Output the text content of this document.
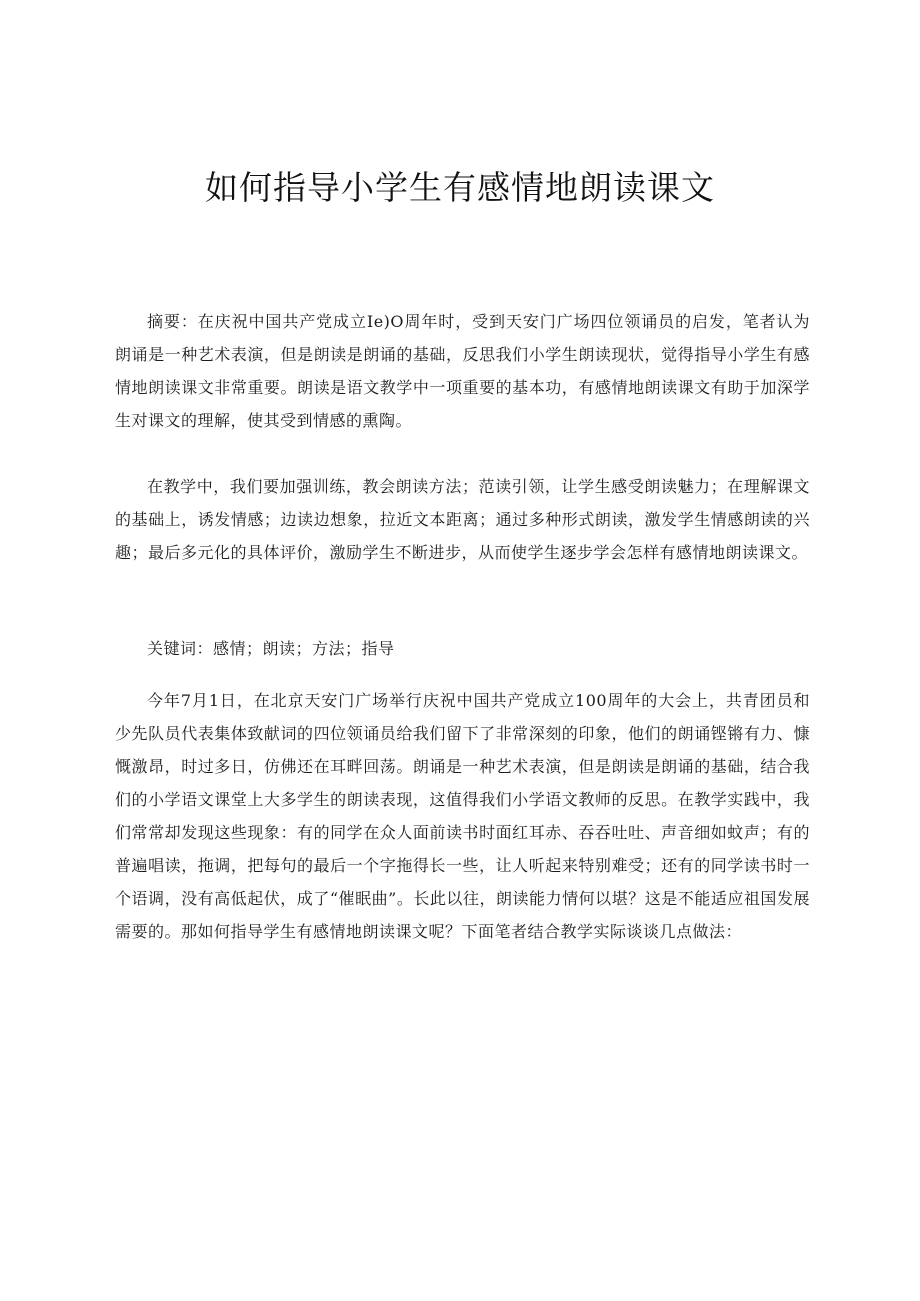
如何指导小学生有感情地朗读课文

摘要：在庆祝中国共产党成立Ie)O周年时，受到天安门广场四位领诵员的启发，笔者认为朗诵是一种艺术表演，但是朗读是朗诵的基础，反思我们小学生朗读现状，觉得指导小学生有感情地朗读课文非常重要。朗读是语文教学中一项重要的基本功，有感情地朗读课文有助于加深学生对课文的理解，使其受到情感的熏陶。

在教学中，我们要加强训练，教会朗读方法；范读引领，让学生感受朗读魅力；在理解课文的基础上，诱发情感；边读边想象，拉近文本距离；通过多种形式朗读，激发学生情感朗读的兴趣；最后多元化的具体评价，激励学生不断进步，从而使学生逐步学会怎样有感情地朗读课文。

关键词：感情；朗读；方法；指导

今年7月1日，在北京天安门广场举行庆祝中国共产党成立100周年的大会上，共青团员和少先队员代表集体致献词的四位领诵员给我们留下了非常深刻的印象，他们的朗诵铿锵有力、慷慨激昂，时过多日，仿佛还在耳畔回荡。朗诵是一种艺术表演，但是朗读是朗诵的基础，结合我们的小学语文课堂上大多学生的朗读表现，这值得我们小学语文教师的反思。在教学实践中，我们常常却发现这些现象：有的同学在众人面前读书时面红耳赤、吞吞吐吐、声音细如蚊声；有的普遍唱读，拖调，把每句的最后一个字拖得长一些，让人听起来特别难受；还有的同学读书时一个语调，没有高低起伏，成了“催眠曲”。长此以往，朗读能力情何以堪？这是不能适应祖国发展需要的。那如何指导学生有感情地朗读课文呢？下面笔者结合教学实际谈谈几点做法：
